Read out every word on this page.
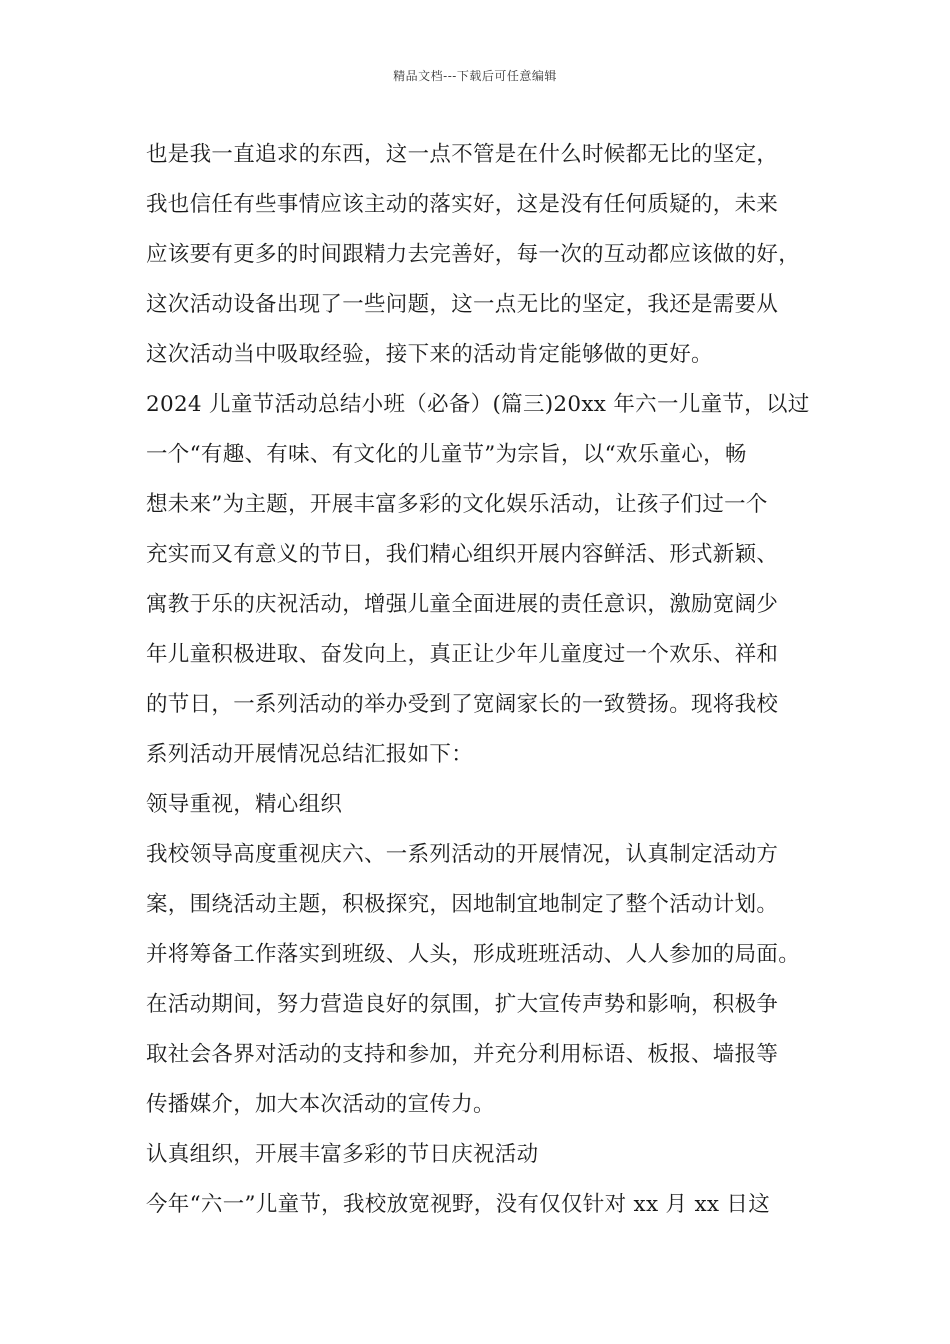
精品文档---下载后可任意编辑
也是我一直追求的东西，这一点不管是在什么时候都无比的坚定，
我也信任有些事情应该主动的落实好，这是没有任何质疑的，未来
应该要有更多的时间跟精力去完善好，每一次的互动都应该做的好，
这次活动设备出现了一些问题，这一点无比的坚定，我还是需要从
这次活动当中吸取经验，接下来的活动肯定能够做的更好。
2024 儿童节活动总结小班（必备）(篇三)20xx 年六一儿童节，以过
一个“有趣、有味、有文化的儿童节”为宗旨，以“欢乐童心，畅
想未来”为主题，开展丰富多彩的文化娱乐活动，让孩子们过一个
充实而又有意义的节日，我们精心组织开展内容鲜活、形式新颖、
寓教于乐的庆祝活动，增强儿童全面进展的责任意识，激励宽阔少
年儿童积极进取、奋发向上，真正让少年儿童度过一个欢乐、祥和
的节日，一系列活动的举办受到了宽阔家长的一致赞扬。现将我校
系列活动开展情况总结汇报如下：
领导重视，精心组织
我校领导高度重视庆六、一系列活动的开展情况，认真制定活动方
案，围绕活动主题，积极探究，因地制宜地制定了整个活动计划。
并将筹备工作落实到班级、人头，形成班班活动、人人参加的局面。
在活动期间，努力营造良好的氛围，扩大宣传声势和影响，积极争
取社会各界对活动的支持和参加，并充分利用标语、板报、墙报等
传播媒介，加大本次活动的宣传力。
认真组织，开展丰富多彩的节日庆祝活动
今年“六一”儿童节，我校放宽视野，没有仅仅针对 xx 月 xx 日这
